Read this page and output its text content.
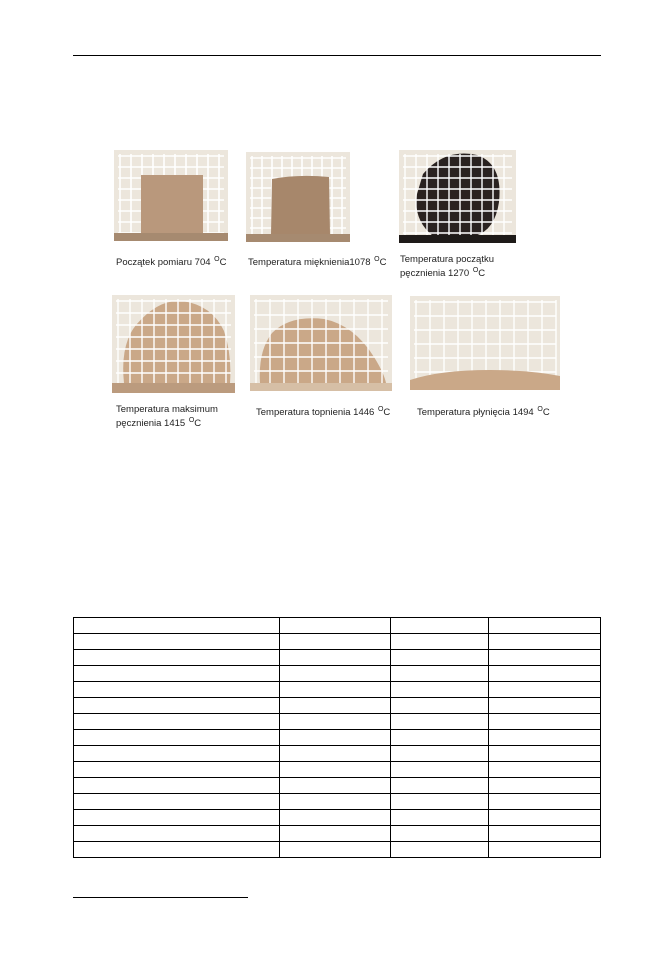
Początek pomiaru 704 $^O$C Temperatura mięknienia1078 $^O$C Temperatura początku
pęcznienia 1270 $^O$C
Temperatura maksimum
pęcznienia 1415 $^O$C
Temperatura topnienia 1446 $^O$C	Temperatura płynięcia 1494 $^O$C
